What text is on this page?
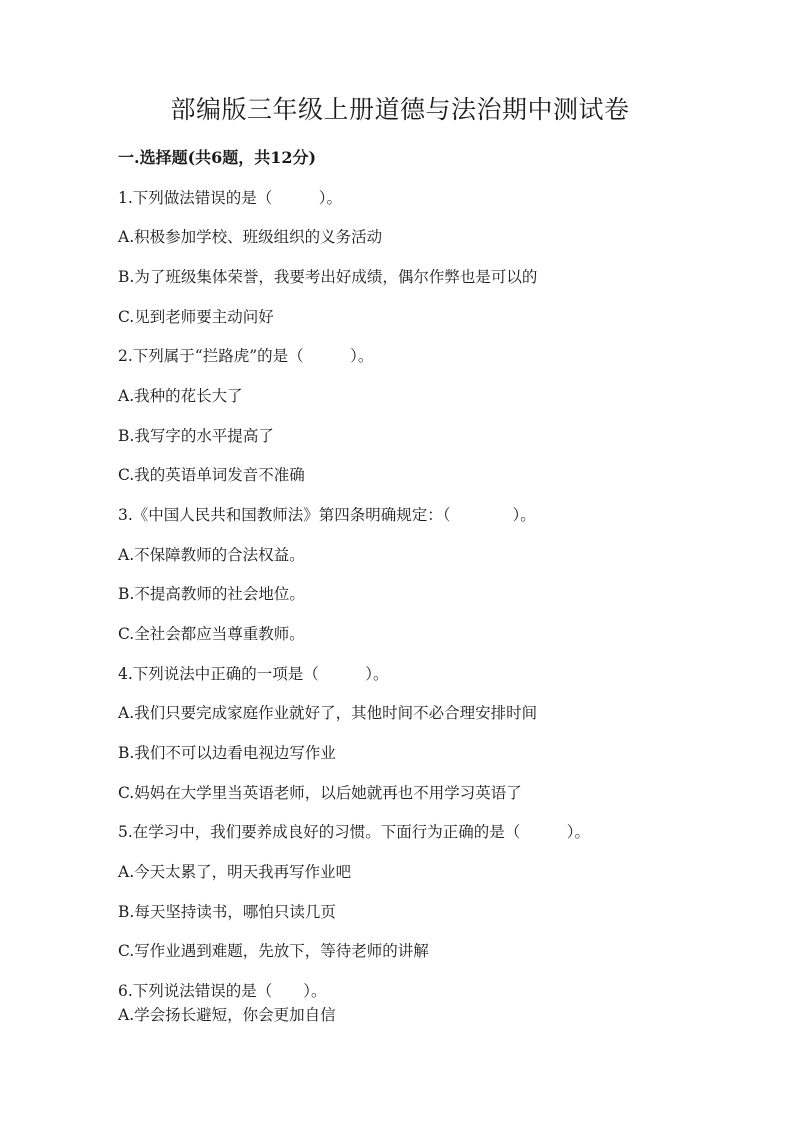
部编版三年级上册道德与法治期中测试卷
一.选择题(共6题，共12分)
1.下列做法错误的是（　　　）。
A.积极参加学校、班级组织的义务活动
B.为了班级集体荣誉，我要考出好成绩，偶尔作弊也是可以的
C.见到老师要主动问好
2.下列属于“拦路虎”的是（　　　）。
A.我种的花长大了
B.我写字的水平提高了
C.我的英语单词发音不准确
3.《中国人民共和国教师法》第四条明确规定：（　　　　）。
A.不保障教师的合法权益。
B.不提高教师的社会地位。
C.全社会都应当尊重教师。
4.下列说法中正确的一项是（　　　）。
A.我们只要完成家庭作业就好了，其他时间不必合理安排时间
B.我们不可以边看电视边写作业
C.妈妈在大学里当英语老师，以后她就再也不用学习英语了
5.在学习中，我们要养成良好的习惯。下面行为正确的是（　　　）。
A.今天太累了，明天我再写作业吧
B.每天坚持读书，哪怕只读几页
C.写作业遇到难题，先放下，等待老师的讲解
6.下列说法错误的是（　　）。
A.学会扬长避短，你会更加自信
